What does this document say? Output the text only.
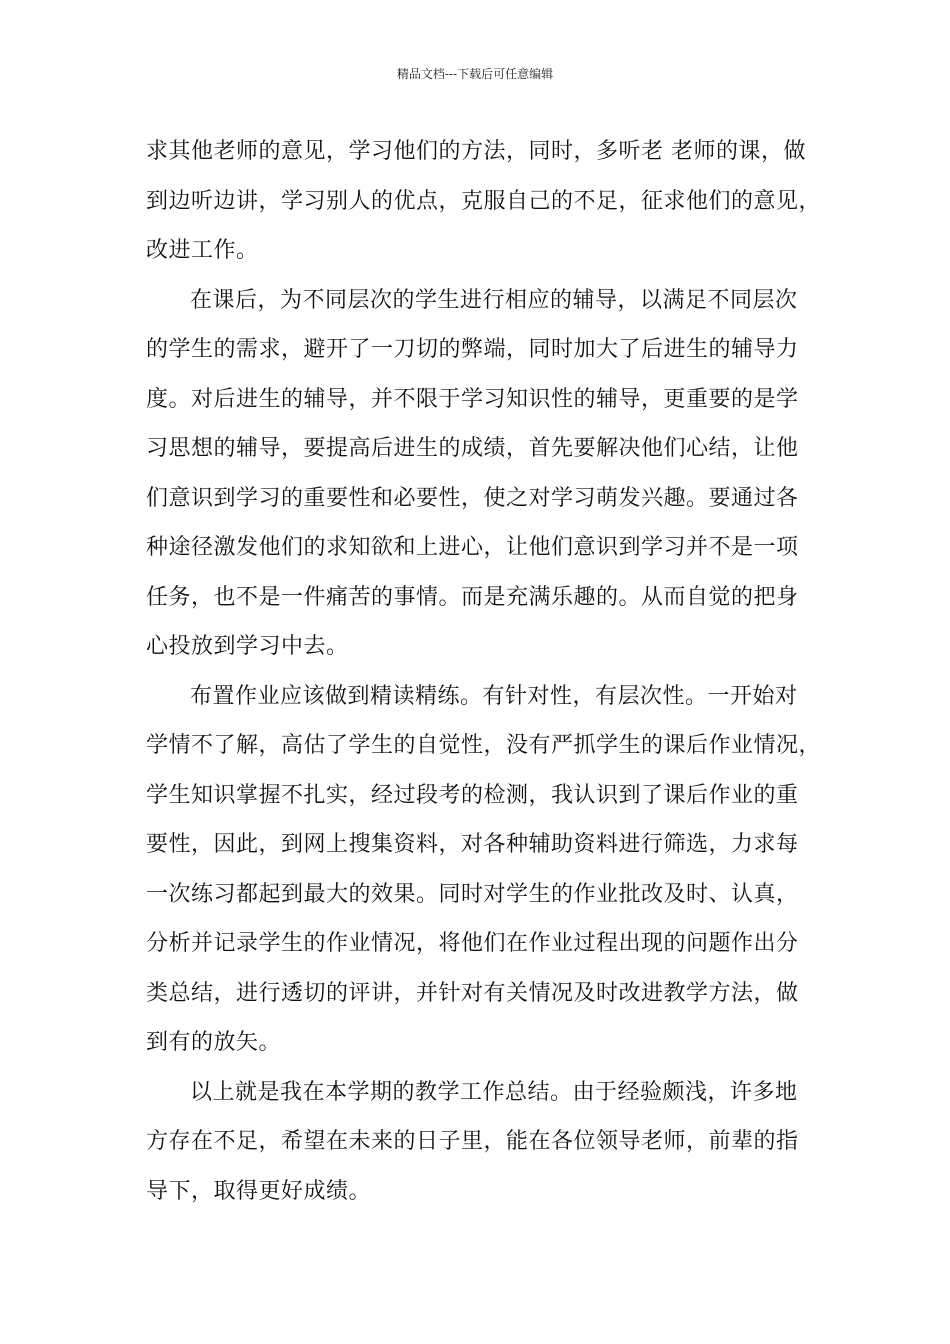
精品文档---下载后可任意编辑
求其他老师的意见，学习他们的方法，同时，多听老 老师的课，做
到边听边讲，学习别人的优点，克服自己的不足，征求他们的意见，
改进工作。
在课后，为不同层次的学生进行相应的辅导，以满足不同层次
的学生的需求，避开了一刀切的弊端，同时加大了后进生的辅导力
度。对后进生的辅导，并不限于学习知识性的辅导，更重要的是学
习思想的辅导，要提高后进生的成绩，首先要解决他们心结，让他
们意识到学习的重要性和必要性，使之对学习萌发兴趣。要通过各
种途径激发他们的求知欲和上进心，让他们意识到学习并不是一项
任务，也不是一件痛苦的事情。而是充满乐趣的。从而自觉的把身
心投放到学习中去。
布置作业应该做到精读精练。有针对性，有层次性。一开始对
学情不了解，高估了学生的自觉性，没有严抓学生的课后作业情况，
学生知识掌握不扎实，经过段考的检测，我认识到了课后作业的重
要性，因此，到网上搜集资料，对各种辅助资料进行筛选，力求每
一次练习都起到最大的效果。同时对学生的作业批改及时、认真，
分析并记录学生的作业情况，将他们在作业过程出现的问题作出分
类总结，进行透切的评讲，并针对有关情况及时改进教学方法，做
到有的放矢。
以上就是我在本学期的教学工作总结。由于经验颇浅，许多地
方存在不足，希望在未来的日子里，能在各位领导老师，前辈的指
导下，取得更好成绩。
